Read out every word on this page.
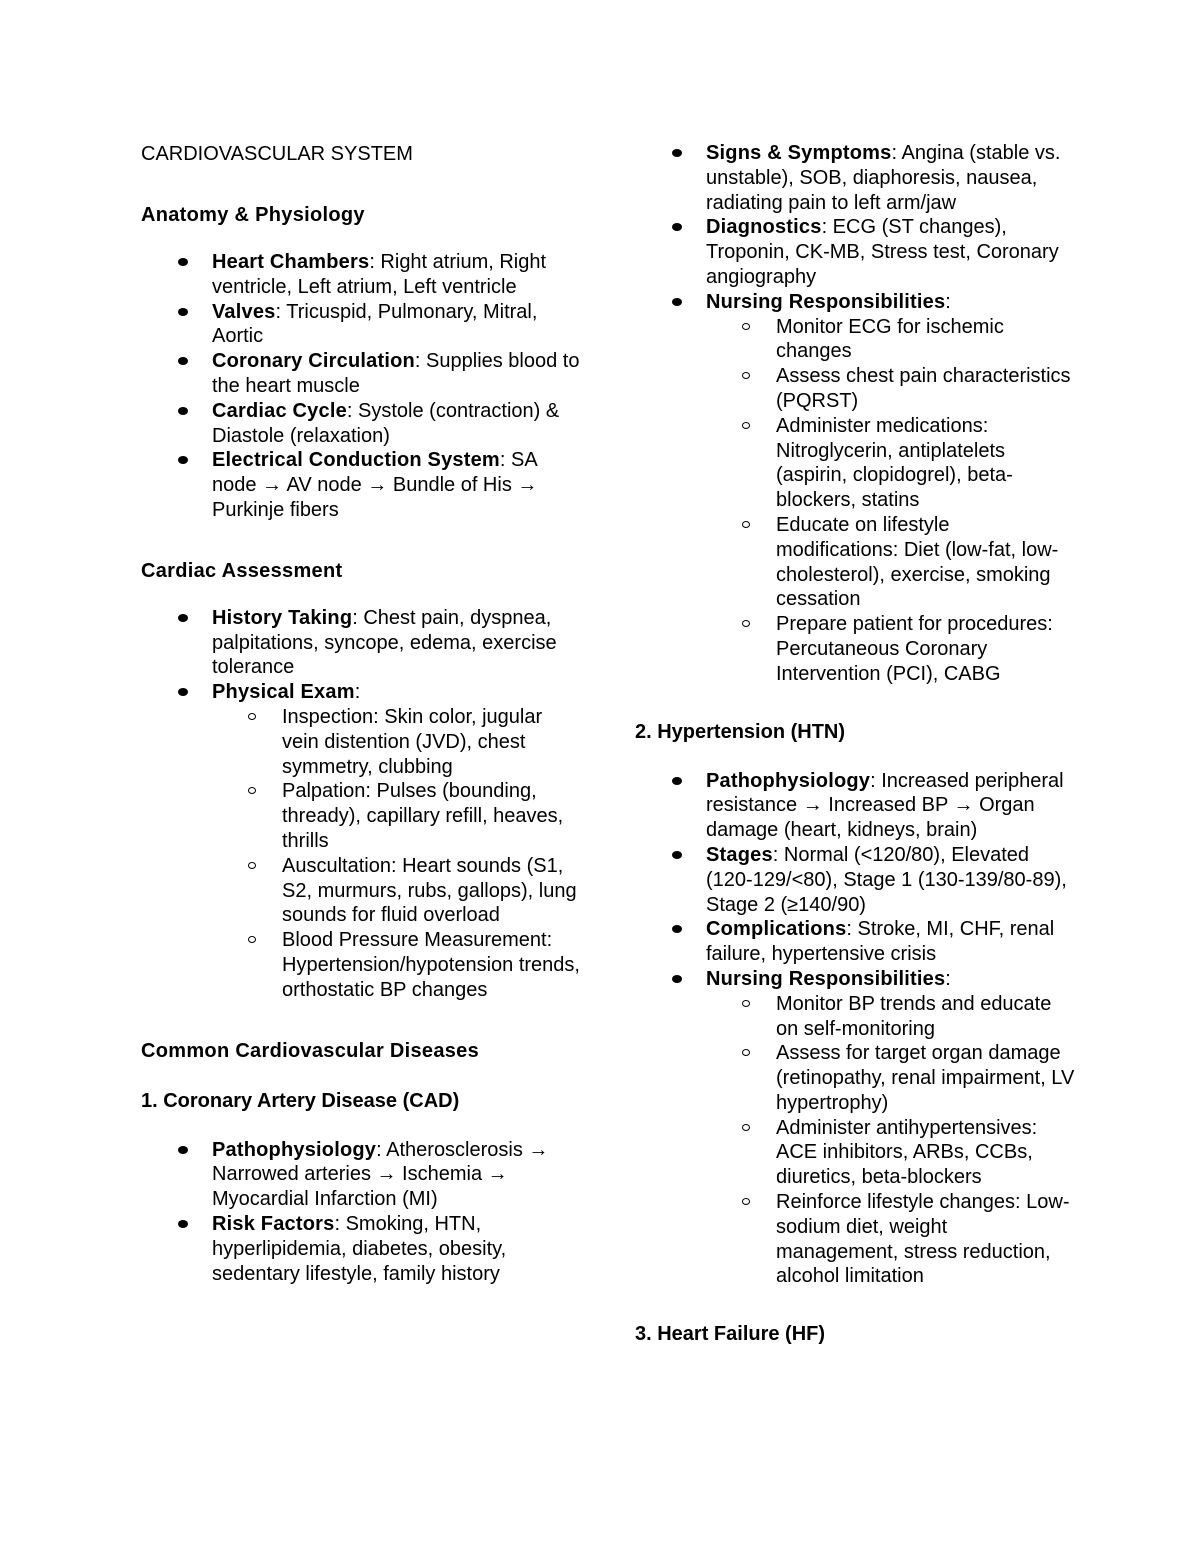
CARDIOVASCULAR SYSTEM
Anatomy & Physiology
Heart Chambers: Right atrium, Right ventricle, Left atrium, Left ventricle
Valves: Tricuspid, Pulmonary, Mitral, Aortic
Coronary Circulation: Supplies blood to the heart muscle
Cardiac Cycle: Systole (contraction) & Diastole (relaxation)
Electrical Conduction System: SA node → AV node → Bundle of His → Purkinje fibers
Cardiac Assessment
History Taking: Chest pain, dyspnea, palpitations, syncope, edema, exercise tolerance
Physical Exam:
Inspection: Skin color, jugular vein distention (JVD), chest symmetry, clubbing
Palpation: Pulses (bounding, thready), capillary refill, heaves, thrills
Auscultation: Heart sounds (S1, S2, murmurs, rubs, gallops), lung sounds for fluid overload
Blood Pressure Measurement: Hypertension/hypotension trends, orthostatic BP changes
Common Cardiovascular Diseases
1. Coronary Artery Disease (CAD)
Pathophysiology: Atherosclerosis → Narrowed arteries → Ischemia → Myocardial Infarction (MI)
Risk Factors: Smoking, HTN, hyperlipidemia, diabetes, obesity, sedentary lifestyle, family history
Signs & Symptoms: Angina (stable vs. unstable), SOB, diaphoresis, nausea, radiating pain to left arm/jaw
Diagnostics: ECG (ST changes), Troponin, CK-MB, Stress test, Coronary angiography
Nursing Responsibilities:
Monitor ECG for ischemic changes
Assess chest pain characteristics (PQRST)
Administer medications: Nitroglycerin, antiplatelets (aspirin, clopidogrel), beta-blockers, statins
Educate on lifestyle modifications: Diet (low-fat, low-cholesterol), exercise, smoking cessation
Prepare patient for procedures: Percutaneous Coronary Intervention (PCI), CABG
2. Hypertension (HTN)
Pathophysiology: Increased peripheral resistance → Increased BP → Organ damage (heart, kidneys, brain)
Stages: Normal (<120/80), Elevated (120-129/<80), Stage 1 (130-139/80-89), Stage 2 (≥140/90)
Complications: Stroke, MI, CHF, renal failure, hypertensive crisis
Nursing Responsibilities:
Monitor BP trends and educate on self-monitoring
Assess for target organ damage (retinopathy, renal impairment, LV hypertrophy)
Administer antihypertensives: ACE inhibitors, ARBs, CCBs, diuretics, beta-blockers
Reinforce lifestyle changes: Low-sodium diet, weight management, stress reduction, alcohol limitation
3. Heart Failure (HF)
